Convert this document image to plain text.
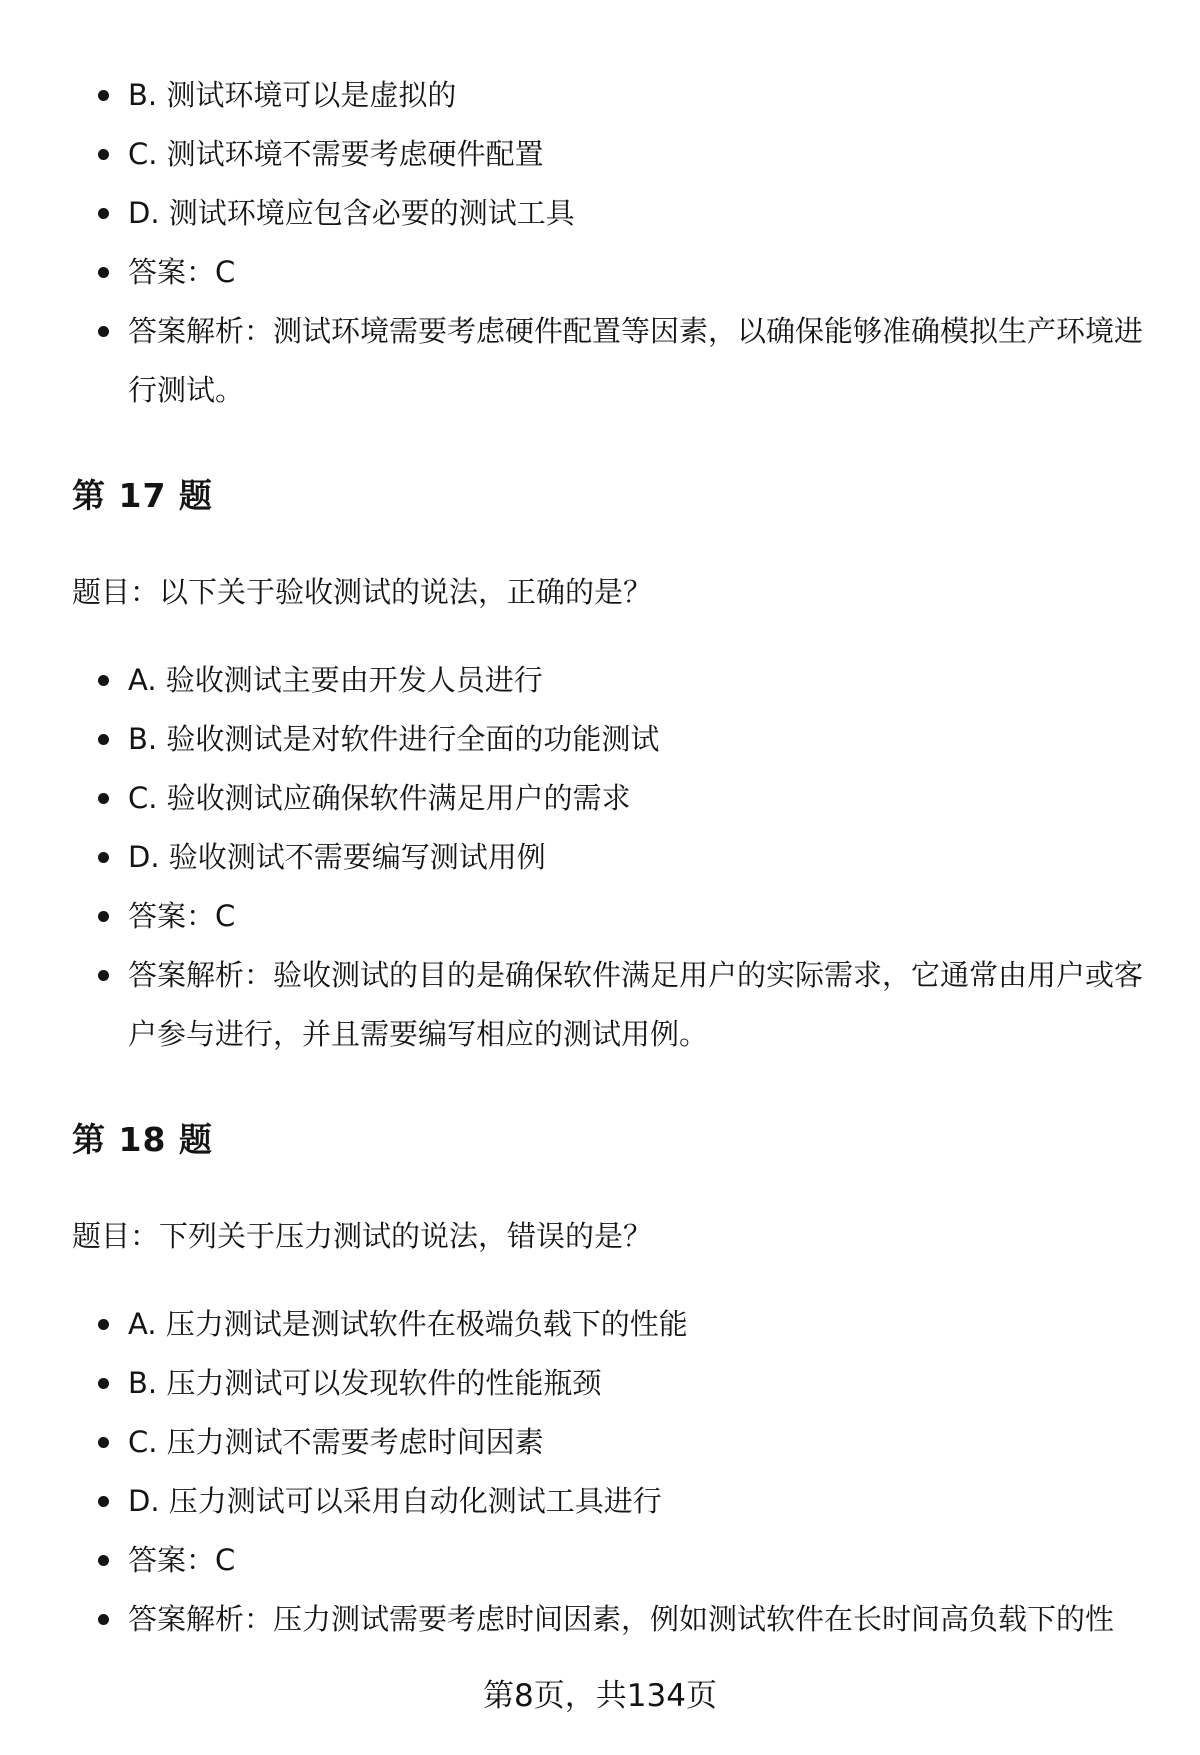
B. 测试环境可以是虚拟的
C. 测试环境不需要考虑硬件配置
D. 测试环境应包含必要的测试工具
答案：C
答案解析：测试环境需要考虑硬件配置等因素，以确保能够准确模拟生产环境进行测试。
第 17 题

题目：以下关于验收测试的说法，正确的是？

A. 验收测试主要由开发人员进行
B. 验收测试是对软件进行全面的功能测试
C. 验收测试应确保软件满足用户的需求
D. 验收测试不需要编写测试用例
答案：C
答案解析：验收测试的目的是确保软件满足用户的实际需求，它通常由用户或客户参与进行，并且需要编写相应的测试用例。
第 18 题

题目：下列关于压力测试的说法，错误的是？

A. 压力测试是测试软件在极端负载下的性能
B. 压力测试可以发现软件的性能瓶颈
C. 压力测试不需要考虑时间因素
D. 压力测试可以采用自动化测试工具进行
答案：C
答案解析：压力测试需要考虑时间因素，例如测试软件在长时间高负载下的性
第8页，共134页
